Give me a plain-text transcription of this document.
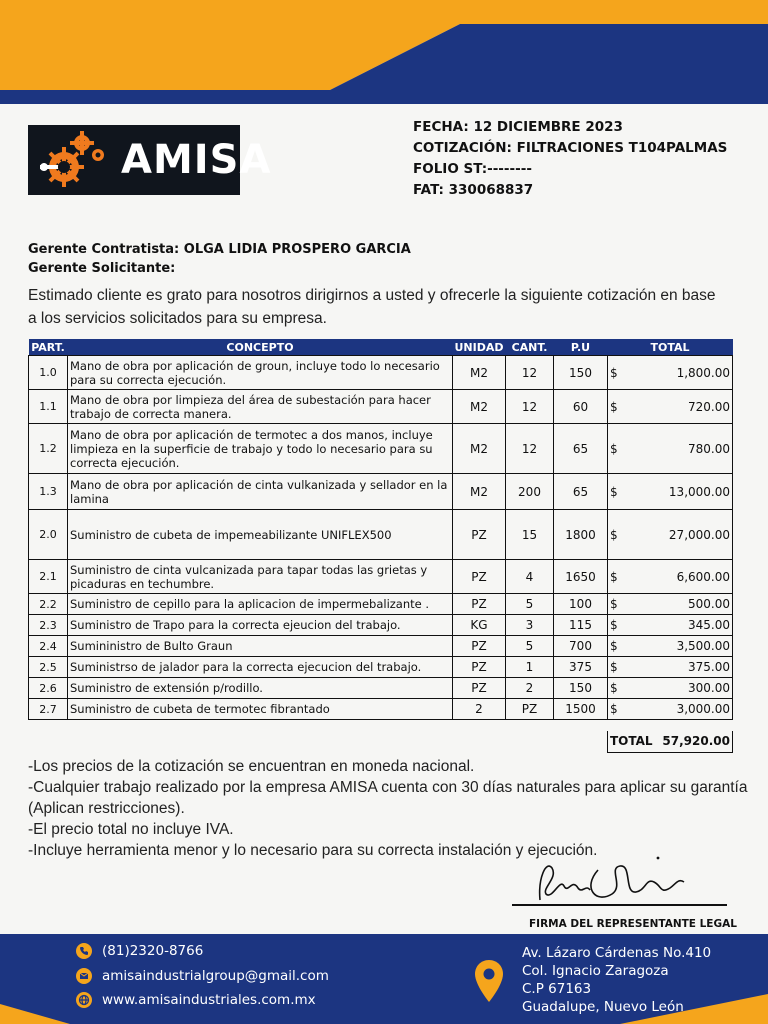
AMISA
FECHA: 12 DICIEMBRE 2023
COTIZACIÓN: FILTRACIONES T104PALMAS
FOLIO ST:--------
FAT: 330068837
Gerente Contratista: OLGA LIDIA PROSPERO GARCIA
Gerente Solicitante:
Estimado cliente es grato para nosotros dirigirnos a usted y ofrecerle la siguiente cotización en base a los servicios solicitados para su empresa.
PART.	CONCEPTO	UNIDAD	CANT.	P.U	TOTAL
1.0	Mano de obra por aplicación de groun, incluye todo lo necesario para su correcta ejecución.	M2	12	150	$ 1,800.00
1.1	Mano de obra por limpieza del área de subestación para hacer trabajo de correcta manera.	M2	12	60	$ 720.00
1.2	Mano de obra por aplicación de termotec a dos manos, incluye limpieza en la superficie de trabajo y todo lo necesario para su correcta ejecución.	M2	12	65	$ 780.00
1.3	Mano de obra por aplicación de cinta vulkanizada y sellador en la lamina	M2	200	65	$ 13,000.00
2.0	Suministro de cubeta de impemeabilizante UNIFLEX500	PZ	15	1800	$ 27,000.00
2.1	Suministro de cinta vulcanizada para tapar todas las grietas y picaduras en techumbre.	PZ	4	1650	$ 6,600.00
2.2	Suministro de cepillo para la aplicacion de impermebalizante .	PZ	5	100	$ 500.00
2.3	Suministro de Trapo para la correcta ejeucion del trabajo.	KG	3	115	$ 345.00
2.4	Sumininistro de Bulto Graun	PZ	5	700	$ 3,500.00
2.5	Suministrso de jalador para la correcta ejecucion del trabajo.	PZ	1	375	$ 375.00
2.6	Suministro de extensión p/rodillo.	PZ	2	150	$ 300.00
2.7	Suministro de cubeta de termotec fibrantado	2	PZ	1500	$ 3,000.00
TOTAL 57,920.00
-Los precios de la cotización se encuentran en moneda nacional.
-Cualquier trabajo realizado por la empresa AMISA cuenta con 30 días naturales para aplicar su garantía (Aplican restricciones).
-El precio total no incluye IVA.
-Incluye herramienta menor y lo necesario para su correcta instalación y ejecución.
FIRMA DEL REPRESENTANTE LEGAL
(81)2320-8766
amisaindustrialgroup@gmail.com
www.amisaindustriales.com.mx
Av. Lázaro Cárdenas No.410
Col. Ignacio Zaragoza
C.P 67163
Guadalupe, Nuevo León
